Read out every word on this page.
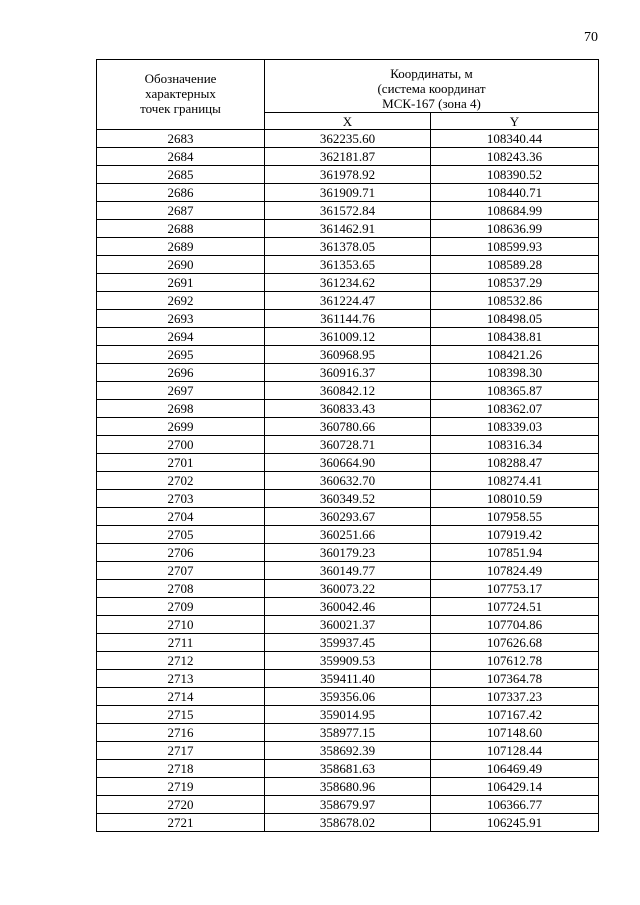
70
Обозначение
характерных
точек границы	Координаты, м
(система координат
МСК-167 (зона 4)	

	X	Y
2683	362235.60	108340.44
2684	362181.87	108243.36
2685	361978.92	108390.52
2686	361909.71	108440.71
2687	361572.84	108684.99
2688	361462.91	108636.99
2689	361378.05	108599.93
2690	361353.65	108589.28
2691	361234.62	108537.29
2692	361224.47	108532.86
2693	361144.76	108498.05
2694	361009.12	108438.81
2695	360968.95	108421.26
2696	360916.37	108398.30
2697	360842.12	108365.87
2698	360833.43	108362.07
2699	360780.66	108339.03
2700	360728.71	108316.34
2701	360664.90	108288.47
2702	360632.70	108274.41
2703	360349.52	108010.59
2704	360293.67	107958.55
2705	360251.66	107919.42
2706	360179.23	107851.94
2707	360149.77	107824.49
2708	360073.22	107753.17
2709	360042.46	107724.51
2710	360021.37	107704.86
2711	359937.45	107626.68
2712	359909.53	107612.78
2713	359411.40	107364.78
2714	359356.06	107337.23
2715	359014.95	107167.42
2716	358977.15	107148.60
2717	358692.39	107128.44
2718	358681.63	106469.49
2719	358680.96	106429.14
2720	358679.97	106366.77
2721	358678.02	106245.91
